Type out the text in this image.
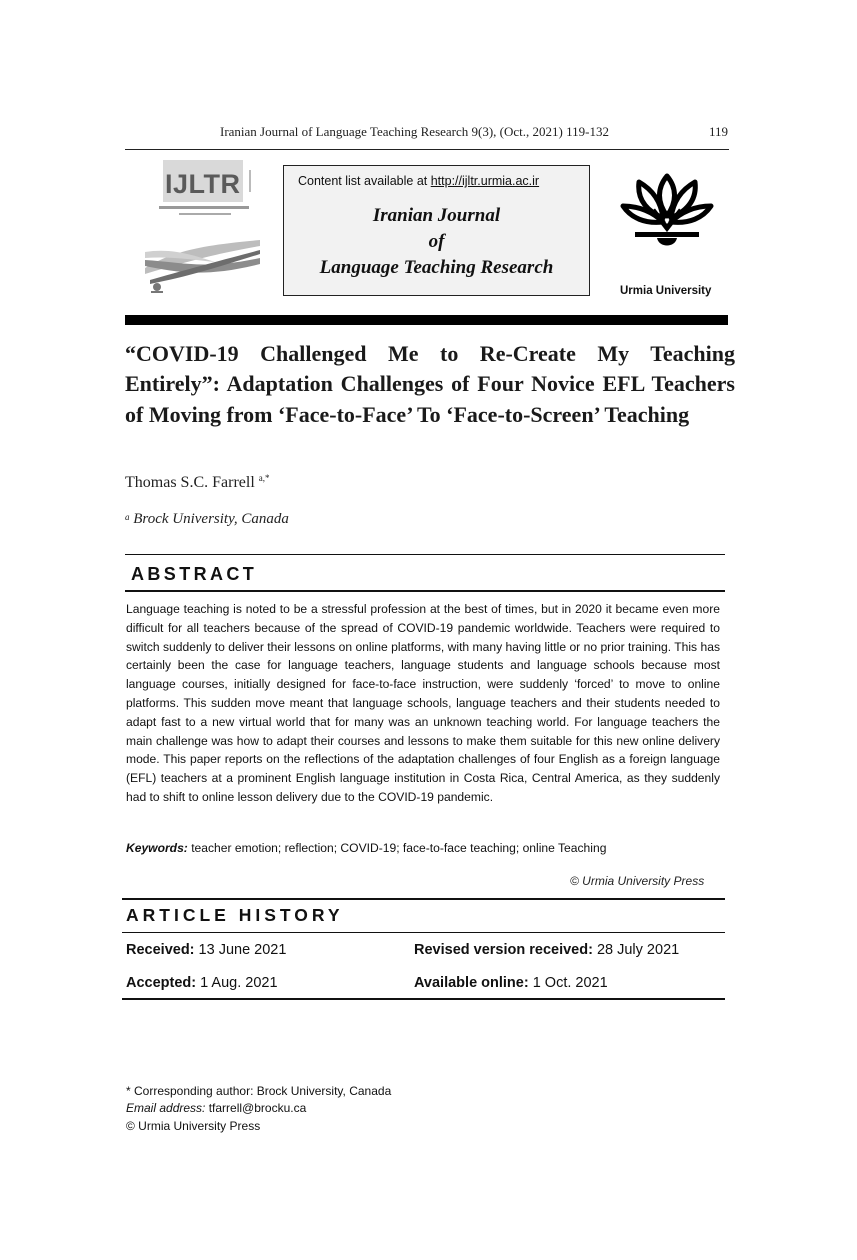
Iranian Journal of Language Teaching Research 9(3), (Oct., 2021) 119-132	119
IJLTR	Content list available at http://ijltr.urmia.ac.ir
Iranian Journal
of
Language Teaching Research
Urmia University
“COVID-19 Challenged Me to Re-Create My Teaching Entirely”: Adaptation Challenges of Four Novice EFL Teachers of Moving from ‘Face-to-Face’ To ‘Face-to-Screen’ Teaching
Thomas S.C. Farrell $^{a,*}$
$^a$ Brock University, Canada
ABSTRACT
Language teaching is noted to be a stressful profession at the best of times, but in 2020 it became even more difficult for all teachers because of the spread of COVID-19 pandemic worldwide. Teachers were required to switch suddenly to deliver their lessons on online platforms, with many having little or no prior training. This has certainly been the case for language teachers, language students and language schools because most language courses, initially designed for face-to-face instruction, were suddenly ‘forced’ to move to online platforms. This sudden move meant that language schools, language teachers and their students needed to adapt fast to a new virtual world that for many was an unknown teaching world. For language teachers the main challenge was how to adapt their courses and lessons to make them suitable for this new online delivery mode. This paper reports on the reflections of the adaptation challenges of four English as a foreign language (EFL) teachers at a prominent English language institution in Costa Rica, Central America, as they suddenly had to shift to online lesson delivery due to the COVID-19 pandemic.
Keywords: teacher emotion; reflection; COVID-19; face-to-face teaching; online Teaching
© Urmia University Press
ARTICLE HISTORY
Received: 13 June 2021	Revised version received: 28 July 2021
Accepted: 1 Aug. 2021	Available online: 1 Oct. 2021
* Corresponding author: Brock University, Canada
Email address: tfarrell@brocku.ca
© Urmia University Press
